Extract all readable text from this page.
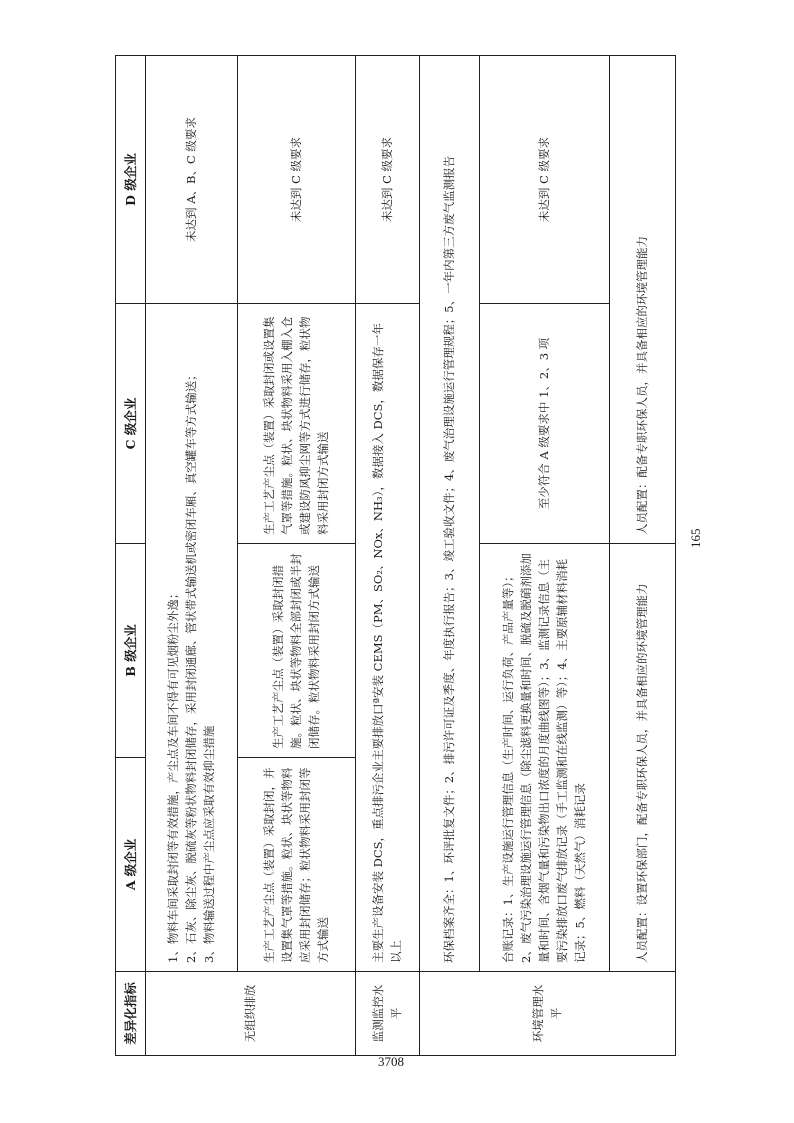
差异化指标	A 级企业	B 级企业	C 级企业	D 级企业
无组织排放	1、物料车间采取封闭等有效措施，产尘点及车间不得有可见烟粉尘外逸； 2、石灰、除尘灰、脱硫灰等粉状物料封闭储存，采用封闭通廊、管状带式输送机或密闭车厢、真空罐车等方式输送； 3、物料输送过程中产尘点应采取有效抑尘措施			未达到 A、B、C 级要求
	生产工艺产尘点（装置）采取封闭，并设置集气罩等措施。粒状、块状等物料应采用封闭储存；粒状物料采用封闭等方式输送	生产工艺产尘点（装置）采取封闭措施。粒状、块状等物料全部封闭或半封闭储存。粒状物料采用封闭方式输送	生产工艺产尘点（装置）采取封闭或设置集气罩等措施。粒状、块状物料采用入棚入仓或建设防风抑尘网等方式进行储存，粒状物料采用封闭方式输送	未达到 C 级要求
监测监控水平	主要生产设备安装 DCS，重点排污企业主要排放口ª安装 CEMS（PM、SO₂、NOx、NH₃），数据接入 DCS，数据保存一年以上			未达到 C 级要求
环境管理水平	环保档案齐全：1、环评批复文件；2、排污许可证及季度、年度执行报告；3、竣工验收文件；4、废气治理设施运行管理规程；5、一年内第三方废气监测报告			
	台账记录：1、生产设施运行管理信息（生产时间、运行负荷、产品产量等）；2、废气污染治理设施运行管理信息（除尘滤料更换量和时间、脱硫及脱硝剂添加量和时间、含烟气量和污染物出口浓度的月度曲线图等）；3、监测记录信息（主要污染排放口废气排放记录（手工监测和在线监测）等）；4、主要原辅材料消耗记录；5、燃料（天然气）消耗记录		至少符合 A 级要求中 1、2、3 项	未达到 C 级要求
	人员配置：设置环保部门，配备专职环保人员，并具备相应的环境管理能力		人员配置：配备专职环保人员，并具备相应的环境管理能力	
3708
165
